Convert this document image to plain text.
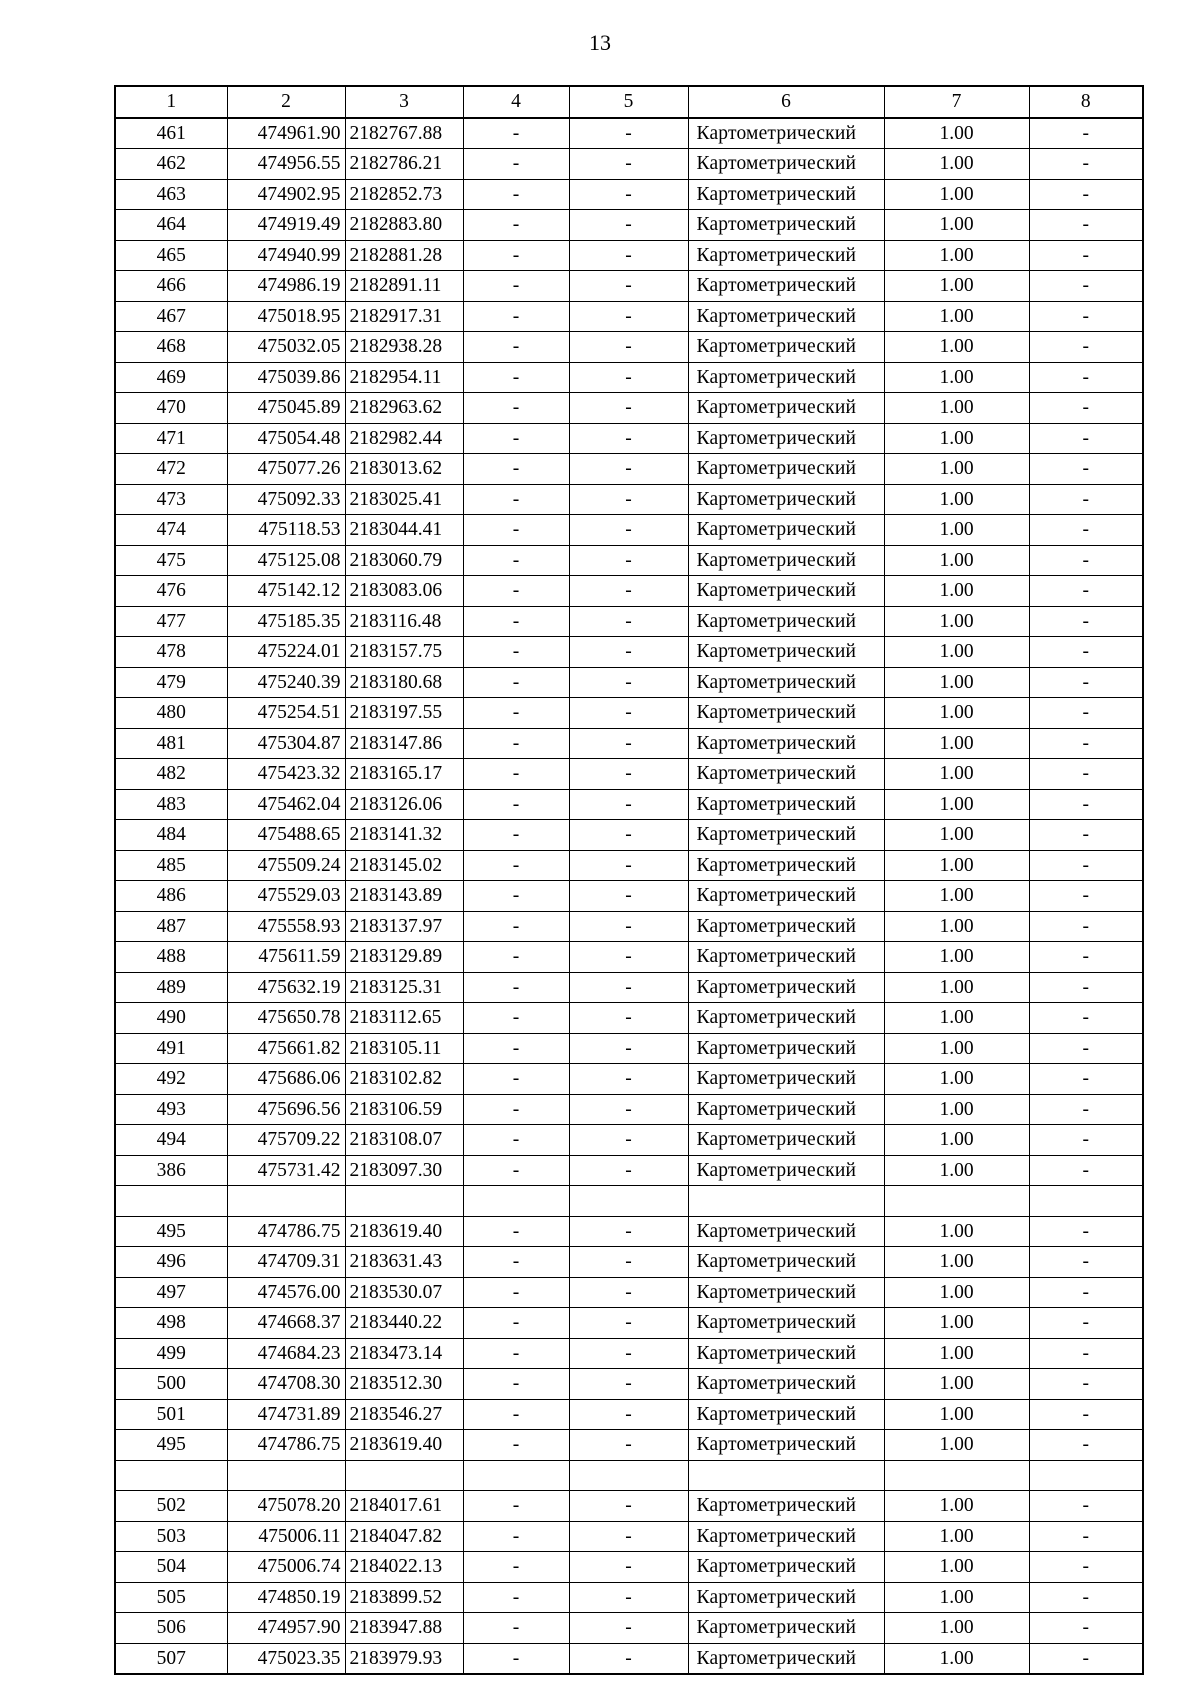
13
1	2	3	4	5	6	7	8
461	474961.90	2182767.88	-	-	Картометрический	1.00	-
462	474956.55	2182786.21	-	-	Картометрический	1.00	-
463	474902.95	2182852.73	-	-	Картометрический	1.00	-
464	474919.49	2182883.80	-	-	Картометрический	1.00	-
465	474940.99	2182881.28	-	-	Картометрический	1.00	-
466	474986.19	2182891.11	-	-	Картометрический	1.00	-
467	475018.95	2182917.31	-	-	Картометрический	1.00	-
468	475032.05	2182938.28	-	-	Картометрический	1.00	-
469	475039.86	2182954.11	-	-	Картометрический	1.00	-
470	475045.89	2182963.62	-	-	Картометрический	1.00	-
471	475054.48	2182982.44	-	-	Картометрический	1.00	-
472	475077.26	2183013.62	-	-	Картометрический	1.00	-
473	475092.33	2183025.41	-	-	Картометрический	1.00	-
474	475118.53	2183044.41	-	-	Картометрический	1.00	-
475	475125.08	2183060.79	-	-	Картометрический	1.00	-
476	475142.12	2183083.06	-	-	Картометрический	1.00	-
477	475185.35	2183116.48	-	-	Картометрический	1.00	-
478	475224.01	2183157.75	-	-	Картометрический	1.00	-
479	475240.39	2183180.68	-	-	Картометрический	1.00	-
480	475254.51	2183197.55	-	-	Картометрический	1.00	-
481	475304.87	2183147.86	-	-	Картометрический	1.00	-
482	475423.32	2183165.17	-	-	Картометрический	1.00	-
483	475462.04	2183126.06	-	-	Картометрический	1.00	-
484	475488.65	2183141.32	-	-	Картометрический	1.00	-
485	475509.24	2183145.02	-	-	Картометрический	1.00	-
486	475529.03	2183143.89	-	-	Картометрический	1.00	-
487	475558.93	2183137.97	-	-	Картометрический	1.00	-
488	475611.59	2183129.89	-	-	Картометрический	1.00	-
489	475632.19	2183125.31	-	-	Картометрический	1.00	-
490	475650.78	2183112.65	-	-	Картометрический	1.00	-
491	475661.82	2183105.11	-	-	Картометрический	1.00	-
492	475686.06	2183102.82	-	-	Картометрический	1.00	-
493	475696.56	2183106.59	-	-	Картометрический	1.00	-
494	475709.22	2183108.07	-	-	Картометрический	1.00	-
386	475731.42	2183097.30	-	-	Картометрический	1.00	-

495	474786.75	2183619.40	-	-	Картометрический	1.00	-
496	474709.31	2183631.43	-	-	Картометрический	1.00	-
497	474576.00	2183530.07	-	-	Картометрический	1.00	-
498	474668.37	2183440.22	-	-	Картометрический	1.00	-
499	474684.23	2183473.14	-	-	Картометрический	1.00	-
500	474708.30	2183512.30	-	-	Картометрический	1.00	-
501	474731.89	2183546.27	-	-	Картометрический	1.00	-
495	474786.75	2183619.40	-	-	Картометрический	1.00	-

502	475078.20	2184017.61	-	-	Картометрический	1.00	-
503	475006.11	2184047.82	-	-	Картометрический	1.00	-
504	475006.74	2184022.13	-	-	Картометрический	1.00	-
505	474850.19	2183899.52	-	-	Картометрический	1.00	-
506	474957.90	2183947.88	-	-	Картометрический	1.00	-
507	475023.35	2183979.93	-	-	Картометрический	1.00	-
